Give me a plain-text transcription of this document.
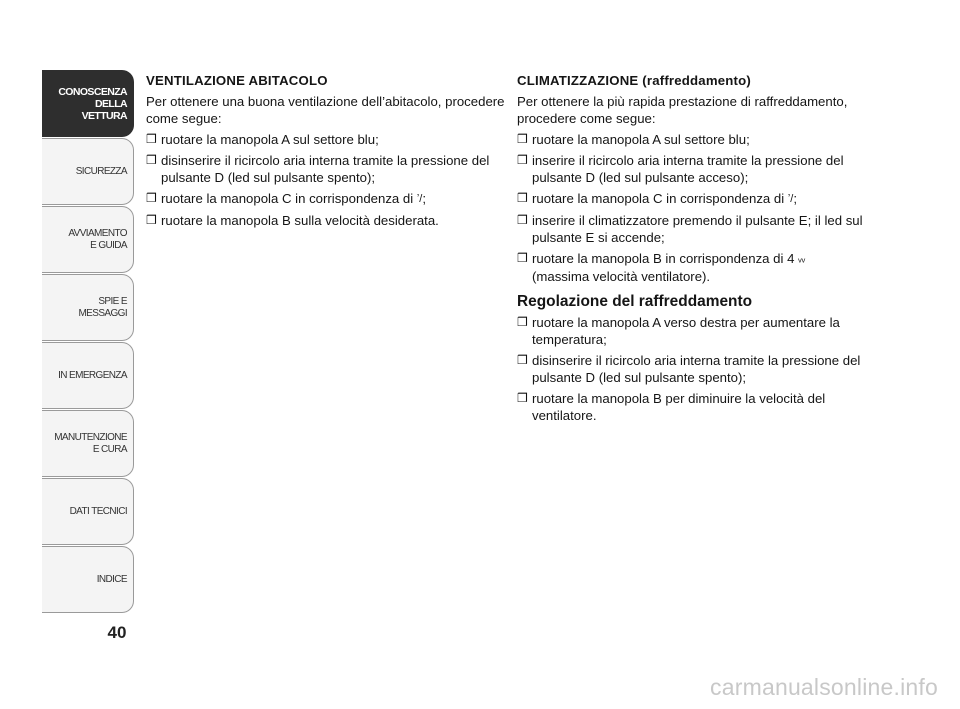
CONOSCENZA
DELLA
VETTURA
SICUREZZA
AVVIAMENTO
E GUIDA
SPIE E
MESSAGGI
IN EMERGENZA
MANUTENZIONE
E CURA
DATI TECNICI
INDICE
40
VENTILAZIONE ABITACOLO

Per ottenere una buona ventilazione dell’abitacolo, procedere come segue:

❒ ruotare la manopola A sul settore blu;
❒ disinserire il ricircolo aria interna tramite la pressione del pulsante D (led sul pulsante spento);
❒ ruotare la manopola C in corrispondenza di ʼ/;
❒ ruotare la manopola B sulla velocità desiderata.
CLIMATIZZAZIONE (raffreddamento)

Per ottenere la più rapida prestazione di raffreddamento, procedere come segue:

❒ ruotare la manopola A sul settore blu;
❒ inserire il ricircolo aria interna tramite la pressione del pulsante D (led sul pulsante acceso);
❒ ruotare la manopola C in corrispondenza di ʼ/;
❒ inserire il climatizzatore premendo il pulsante E; il led sul pulsante E si accende;
❒ ruotare la manopola B in corrispondenza di 4 ᵥᵥ
(massima velocità ventilatore).
Regolazione del raffreddamento
❒ ruotare la manopola A verso destra per aumentare la temperatura;
❒ disinserire il ricircolo aria interna tramite la pressione del pulsante D (led sul pulsante spento);
❒ ruotare la manopola B per diminuire la velocità del ventilatore.
carmanualsonline.info
